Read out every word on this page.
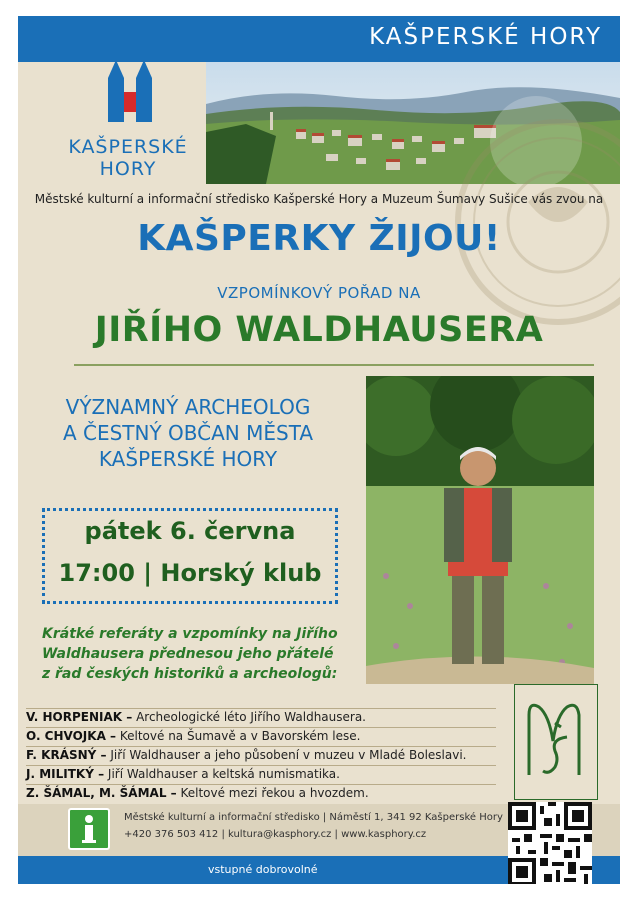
KAŠPERSKÉ HORY
KAŠPERSKÉ
HORY
Městské kulturní a informační středisko Kašperské Hory a Muzeum Šumavy Sušice vás zvou na
KAŠPERKY ŽIJOU!
VZPOMÍNKOVÝ POŘAD NA
JIŘÍHO WALDHAUSERA
VÝZNAMNÝ ARCHEOLOG
A ČESTNÝ OBČAN MĚSTA
KAŠPERSKÉ HORY
pátek 6. června
17:00 | Horský klub
Krátké referáty a vzpomínky na Jiřího
Waldhausera přednesou jeho přátelé
z řad českých historiků a archeologů:
V. HORPENIAK – Archeologické léto Jiřího Waldhausera.
O. CHVOJKA – Keltové na Šumavě a v Bavorském lese.
F. KRÁSNÝ – Jiří Waldhauser a jeho působení v muzeu v Mladé Boleslavi.
J. MILITKÝ – Jiří Waldhauser a keltská numismatika.
Z. ŠÁMAL, M. ŠÁMAL – Keltové mezi řekou a hvozdem.
Městské kulturní a informační středisko | Náměstí 1, 341 92 Kašperské Hory
+420 376 503 412 | kultura@kasphory.cz | www.kasphory.cz
vstupné dobrovolné
